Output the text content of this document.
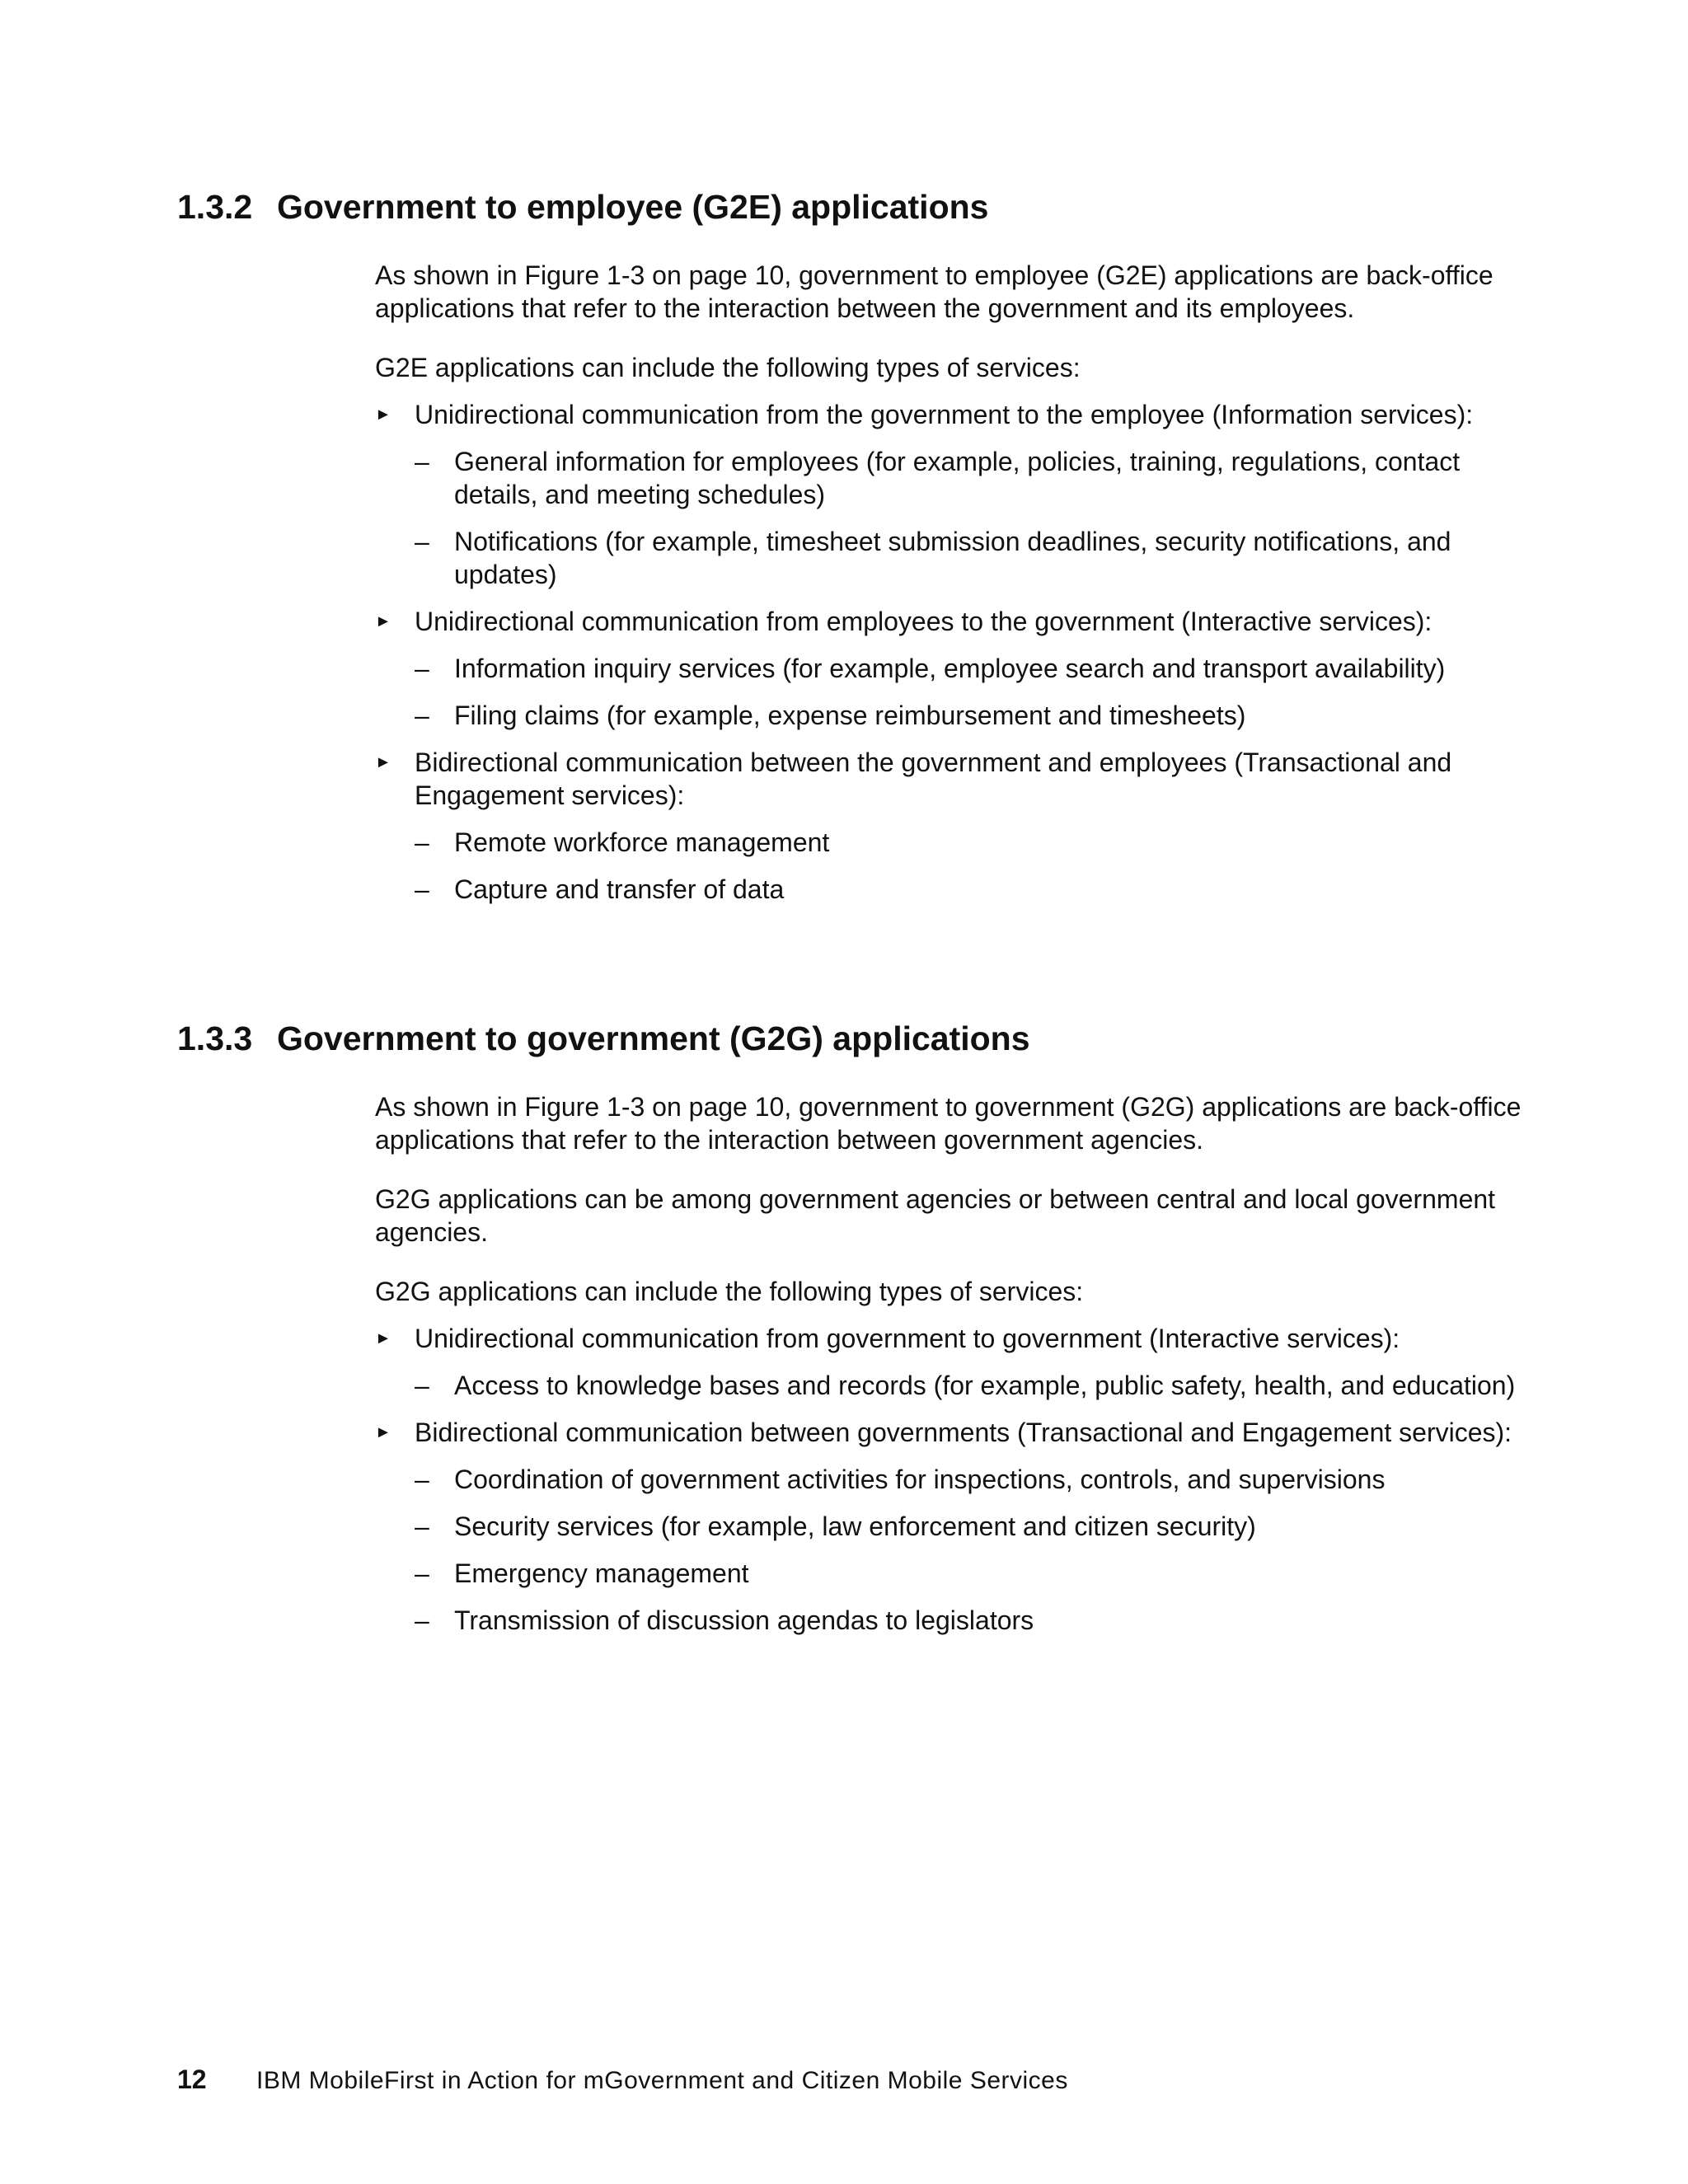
1.3.2 Government to employee (G2E) applications

As shown in Figure 1-3 on page 10, government to employee (G2E) applications are back-office applications that refer to the interaction between the government and its employees.

G2E applications can include the following types of services:

► Unidirectional communication from the government to the employee (Information services):
– General information for employees (for example, policies, training, regulations, contact details, and meeting schedules)
– Notifications (for example, timesheet submission deadlines, security notifications, and updates)
► Unidirectional communication from employees to the government (Interactive services):
– Information inquiry services (for example, employee search and transport availability)
– Filing claims (for example, expense reimbursement and timesheets)
► Bidirectional communication between the government and employees (Transactional and Engagement services):
– Remote workforce management
– Capture and transfer of data
1.3.3 Government to government (G2G) applications

As shown in Figure 1-3 on page 10, government to government (G2G) applications are back-office applications that refer to the interaction between government agencies.

G2G applications can be among government agencies or between central and local government agencies.

G2G applications can include the following types of services:

► Unidirectional communication from government to government (Interactive services):
– Access to knowledge bases and records (for example, public safety, health, and education)
► Bidirectional communication between governments (Transactional and Engagement services):
– Coordination of government activities for inspections, controls, and supervisions
– Security services (for example, law enforcement and citizen security)
– Emergency management
– Transmission of discussion agendas to legislators
12 IBM MobileFirst in Action for mGovernment and Citizen Mobile Services
